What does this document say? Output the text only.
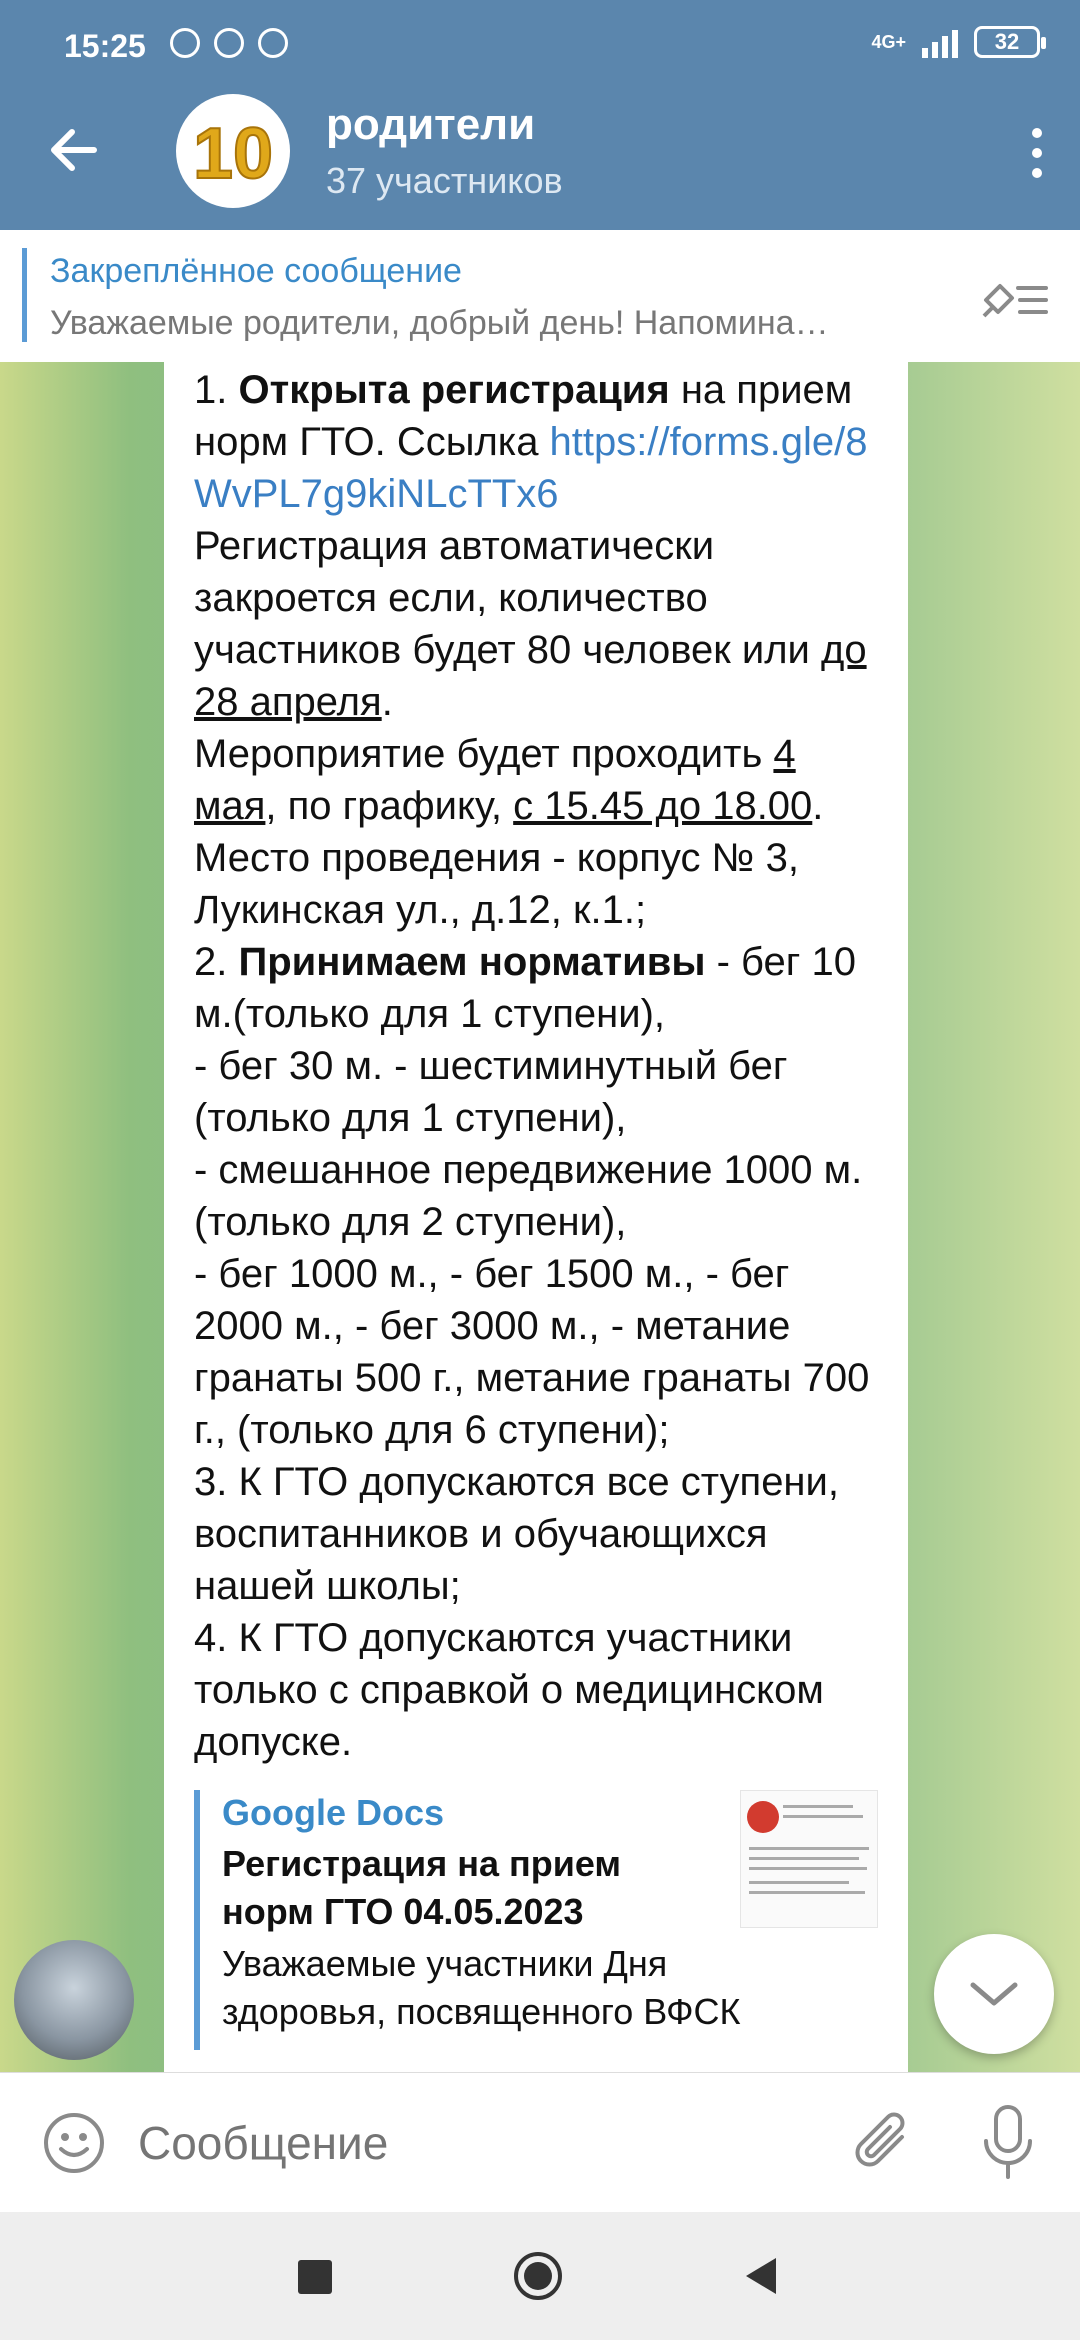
15:25	4G+	32
10 родители
37 участников
Закреплённое сообщение
Уважаемые родители, добрый день! Напомина…

1. Открыта регистрация на прием норм ГТО. Ссылка https://forms.gle/8WvPL7g9kiNLcTTx6

Регистрация автоматически закроется если, количество участников будет 80 человек или до 28 апреля.

Мероприятие будет проходить 4 мая, по графику, с 15.45 до 18.00. Место проведения - корпус № 3, Лукинская ул., д.12, к.1.;

2. Принимаем нормативы - бег 10 м.(только для 1 ступени),

- бег 30 м. - шестиминутный бег (только для 1 ступени),

- смешанное передвижение 1000 м. (только для 2 ступени),

- бег 1000 м., - бег 1500 м., - бег 2000 м., - бег 3000 м., - метание гранаты 500 г., метание гранаты 700 г., (только для 6 ступени);

3. К ГТО допускаются все ступени, воспитанников и обучающихся нашей школы;

4. К ГТО допускаются участники только с справкой о медицинском допуске.

Google Docs
Регистрация на прием норм ГТО 04.05.2023
Уважаемые участники Дня здоровья, посвященного ВФСК
Сообщение
